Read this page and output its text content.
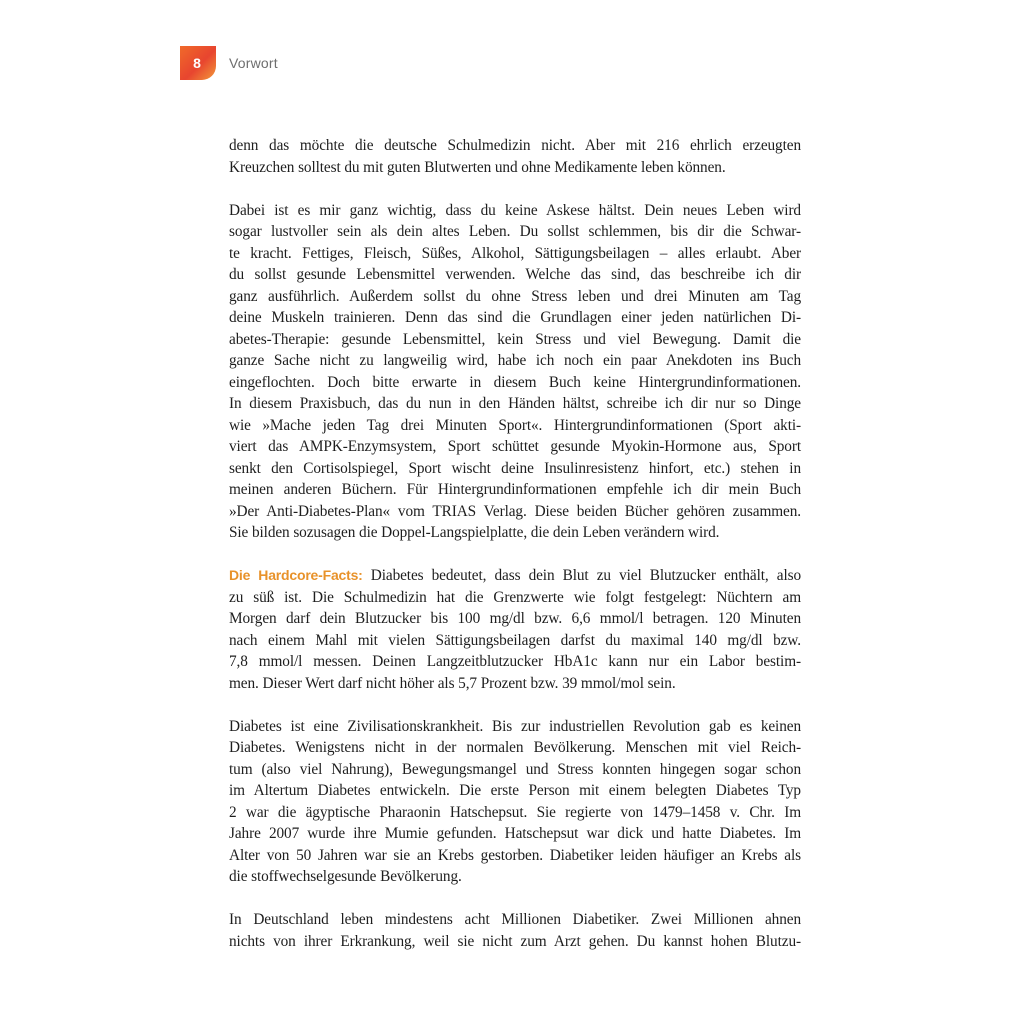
8 Vorwort
denn das möchte die deutsche Schulmedizin nicht. Aber mit 216 ehrlich erzeugten
Kreuzchen solltest du mit guten Blutwerten und ohne Medikamente leben können.
Dabei ist es mir ganz wichtig, dass du keine Askese hältst. Dein neues Leben wird
sogar lustvoller sein als dein altes Leben. Du sollst schlemmen, bis dir die Schwar-
te kracht. Fettiges, Fleisch, Süßes, Alkohol, Sättigungsbeilagen – alles erlaubt. Aber
du sollst gesunde Lebensmittel verwenden. Welche das sind, das beschreibe ich dir
ganz ausführlich. Außerdem sollst du ohne Stress leben und drei Minuten am Tag
deine Muskeln trainieren. Denn das sind die Grundlagen einer jeden natürlichen Di-
abetes-Therapie: gesunde Lebensmittel, kein Stress und viel Bewegung. Damit die
ganze Sache nicht zu langweilig wird, habe ich noch ein paar Anekdoten ins Buch
eingeflochten. Doch bitte erwarte in diesem Buch keine Hintergrundinformationen.
In diesem Praxisbuch, das du nun in den Händen hältst, schreibe ich dir nur so Dinge
wie »Mache jeden Tag drei Minuten Sport«. Hintergrundinformationen (Sport akti-
viert das AMPK-Enzymsystem, Sport schüttet gesunde Myokin-Hormone aus, Sport
senkt den Cortisolspiegel, Sport wischt deine Insulinresistenz hinfort, etc.) stehen in
meinen anderen Büchern. Für Hintergrundinformationen empfehle ich dir mein Buch
»Der Anti-Diabetes-Plan« vom TRIAS Verlag. Diese beiden Bücher gehören zusammen.
Sie bilden sozusagen die Doppel-Langspielplatte, die dein Leben verändern wird.
Die Hardcore-Facts: Diabetes bedeutet, dass dein Blut zu viel Blutzucker enthält, also
zu süß ist. Die Schulmedizin hat die Grenzwerte wie folgt festgelegt: Nüchtern am
Morgen darf dein Blutzucker bis 100 mg/dl bzw. 6,6 mmol/l betragen. 120 Minuten
nach einem Mahl mit vielen Sättigungsbeilagen darfst du maximal 140 mg/dl bzw.
7,8 mmol/l messen. Deinen Langzeitblutzucker HbA1c kann nur ein Labor bestim-
men. Dieser Wert darf nicht höher als 5,7 Prozent bzw. 39 mmol/mol sein.
Diabetes ist eine Zivilisationskrankheit. Bis zur industriellen Revolution gab es keinen
Diabetes. Wenigstens nicht in der normalen Bevölkerung. Menschen mit viel Reich-
tum (also viel Nahrung), Bewegungsmangel und Stress konnten hingegen sogar schon
im Altertum Diabetes entwickeln. Die erste Person mit einem belegten Diabetes Typ
2 war die ägyptische Pharaonin Hatschepsut. Sie regierte von 1479–1458 v. Chr. Im
Jahre 2007 wurde ihre Mumie gefunden. Hatschepsut war dick und hatte Diabetes. Im
Alter von 50 Jahren war sie an Krebs gestorben. Diabetiker leiden häufiger an Krebs als
die stoffwechselgesunde Bevölkerung.
In Deutschland leben mindestens acht Millionen Diabetiker. Zwei Millionen ahnen
nichts von ihrer Erkrankung, weil sie nicht zum Arzt gehen. Du kannst hohen Blutzu-
